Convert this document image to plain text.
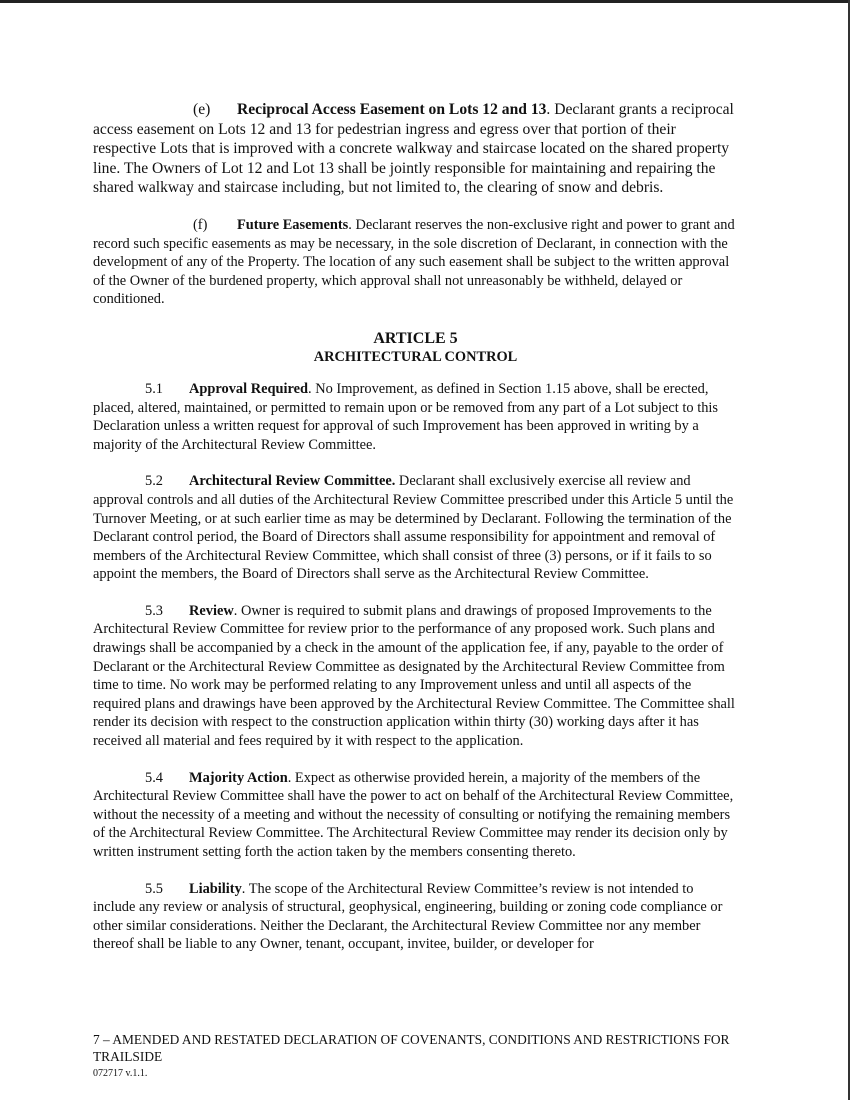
(e) Reciprocal Access Easement on Lots 12 and 13. Declarant grants a reciprocal access easement on Lots 12 and 13 for pedestrian ingress and egress over that portion of their respective Lots that is improved with a concrete walkway and staircase located on the shared property line. The Owners of Lot 12 and Lot 13 shall be jointly responsible for maintaining and repairing the shared walkway and staircase including, but not limited to, the clearing of snow and debris.

(f) Future Easements. Declarant reserves the non-exclusive right and power to grant and record such specific easements as may be necessary, in the sole discretion of Declarant, in connection with the development of any of the Property. The location of any such easement shall be subject to the written approval of the Owner of the burdened property, which approval shall not unreasonably be withheld, delayed or conditioned.

ARTICLE 5
ARCHITECTURAL CONTROL

5.1 Approval Required. No Improvement, as defined in Section 1.15 above, shall be erected, placed, altered, maintained, or permitted to remain upon or be removed from any part of a Lot subject to this Declaration unless a written request for approval of such Improvement has been approved in writing by a majority of the Architectural Review Committee.

5.2 Architectural Review Committee. Declarant shall exclusively exercise all review and approval controls and all duties of the Architectural Review Committee prescribed under this Article 5 until the Turnover Meeting, or at such earlier time as may be determined by Declarant. Following the termination of the Declarant control period, the Board of Directors shall assume responsibility for appointment and removal of members of the Architectural Review Committee, which shall consist of three (3) persons, or if it fails to so appoint the members, the Board of Directors shall serve as the Architectural Review Committee.

5.3 Review. Owner is required to submit plans and drawings of proposed Improvements to the Architectural Review Committee for review prior to the performance of any proposed work. Such plans and drawings shall be accompanied by a check in the amount of the application fee, if any, payable to the order of Declarant or the Architectural Review Committee as designated by the Architectural Review Committee from time to time. No work may be performed relating to any Improvement unless and until all aspects of the required plans and drawings have been approved by the Architectural Review Committee. The Committee shall render its decision with respect to the construction application within thirty (30) working days after it has received all material and fees required by it with respect to the application.

5.4 Majority Action. Expect as otherwise provided herein, a majority of the members of the Architectural Review Committee shall have the power to act on behalf of the Architectural Review Committee, without the necessity of a meeting and without the necessity of consulting or notifying the remaining members of the Architectural Review Committee. The Architectural Review Committee may render its decision only by written instrument setting forth the action taken by the members consenting thereto.

5.5 Liability. The scope of the Architectural Review Committee’s review is not intended to include any review or analysis of structural, geophysical, engineering, building or zoning code compliance or other similar considerations. Neither the Declarant, the Architectural Review Committee nor any member thereof shall be liable to any Owner, tenant, occupant, invitee, builder, or developer for

7 – AMENDED AND RESTATED DECLARATION OF COVENANTS, CONDITIONS AND RESTRICTIONS FOR TRAILSIDE

072717 v.1.1.
